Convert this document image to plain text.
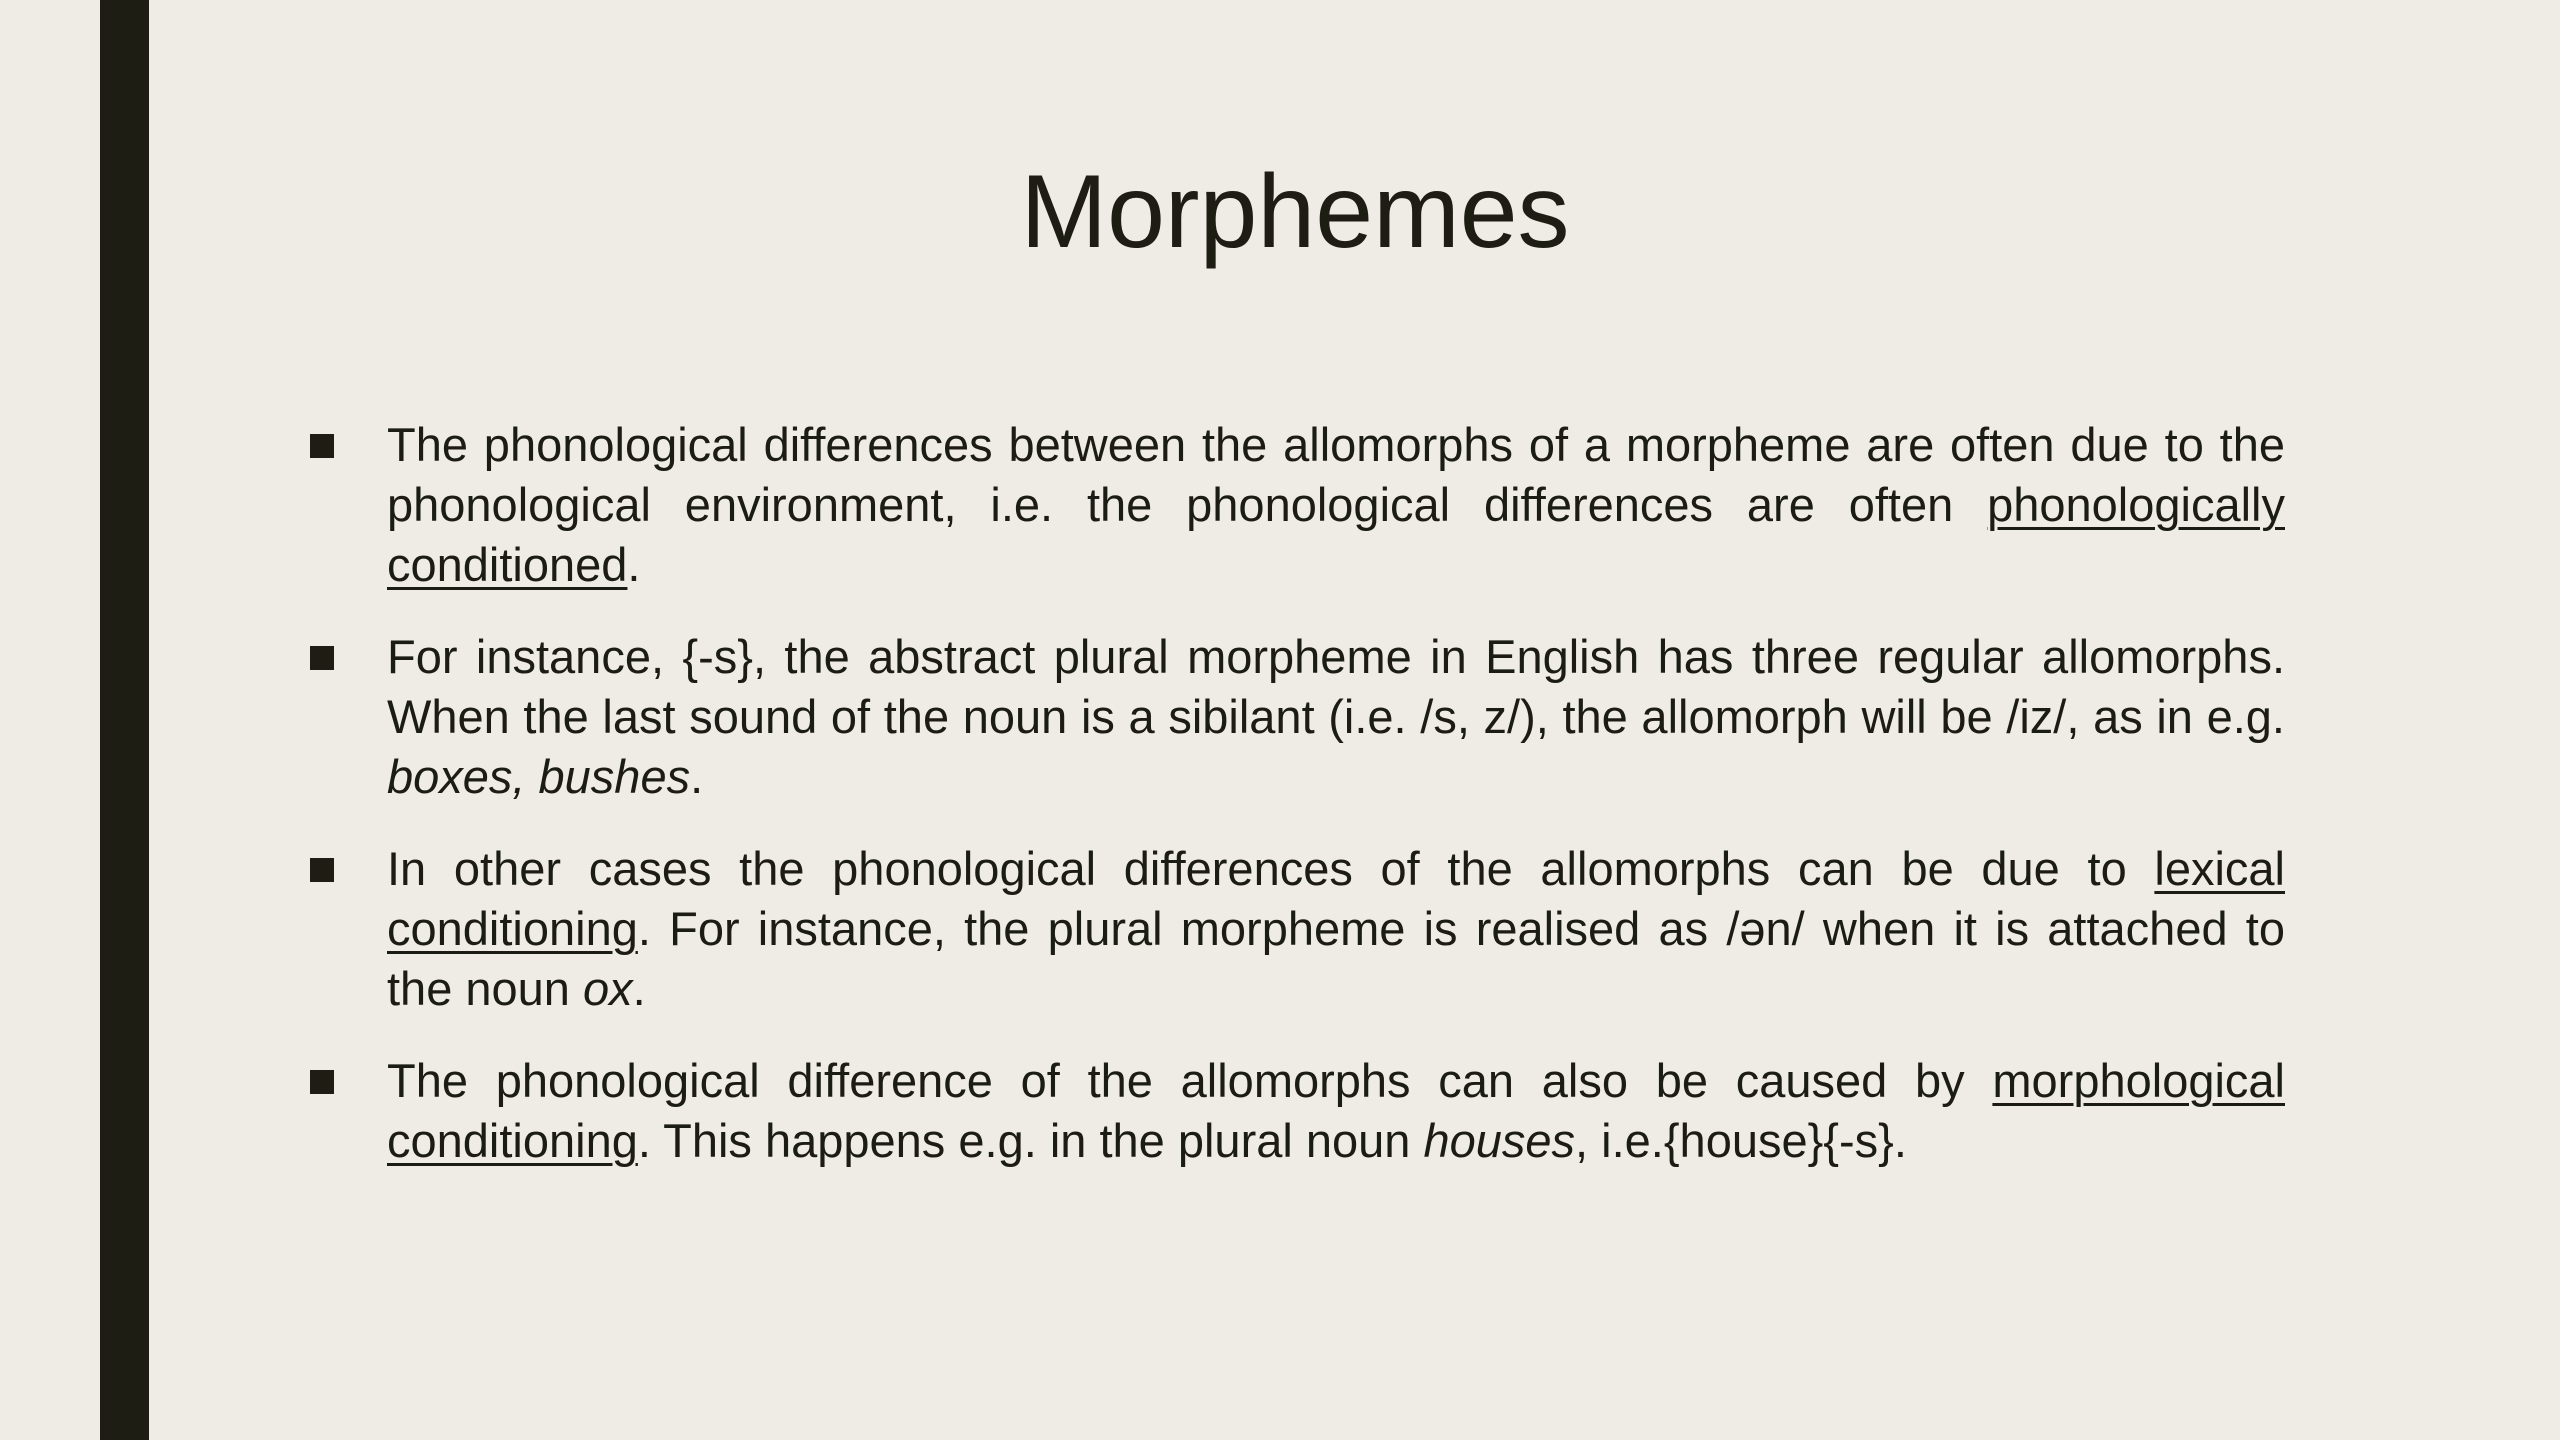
Morphemes
The phonological differences between the allomorphs of a morpheme are often due to the phonological environment, i.e. the phonological differences are often phonologically conditioned.
For instance, {-s}, the abstract plural morpheme in English has three regular allomorphs. When the last sound of the noun is a sibilant (i.e. /s, z/), the allomorph will be /iz/, as in e.g. boxes, bushes.
In other cases the phonological differences of the allomorphs can be due to lexical conditioning. For instance, the plural morpheme is realised as /ən/ when it is attached to the noun ox.
The phonological difference of the allomorphs can also be caused by morphological conditioning. This happens e.g. in the plural noun houses, i.e.{house}{-s}.
